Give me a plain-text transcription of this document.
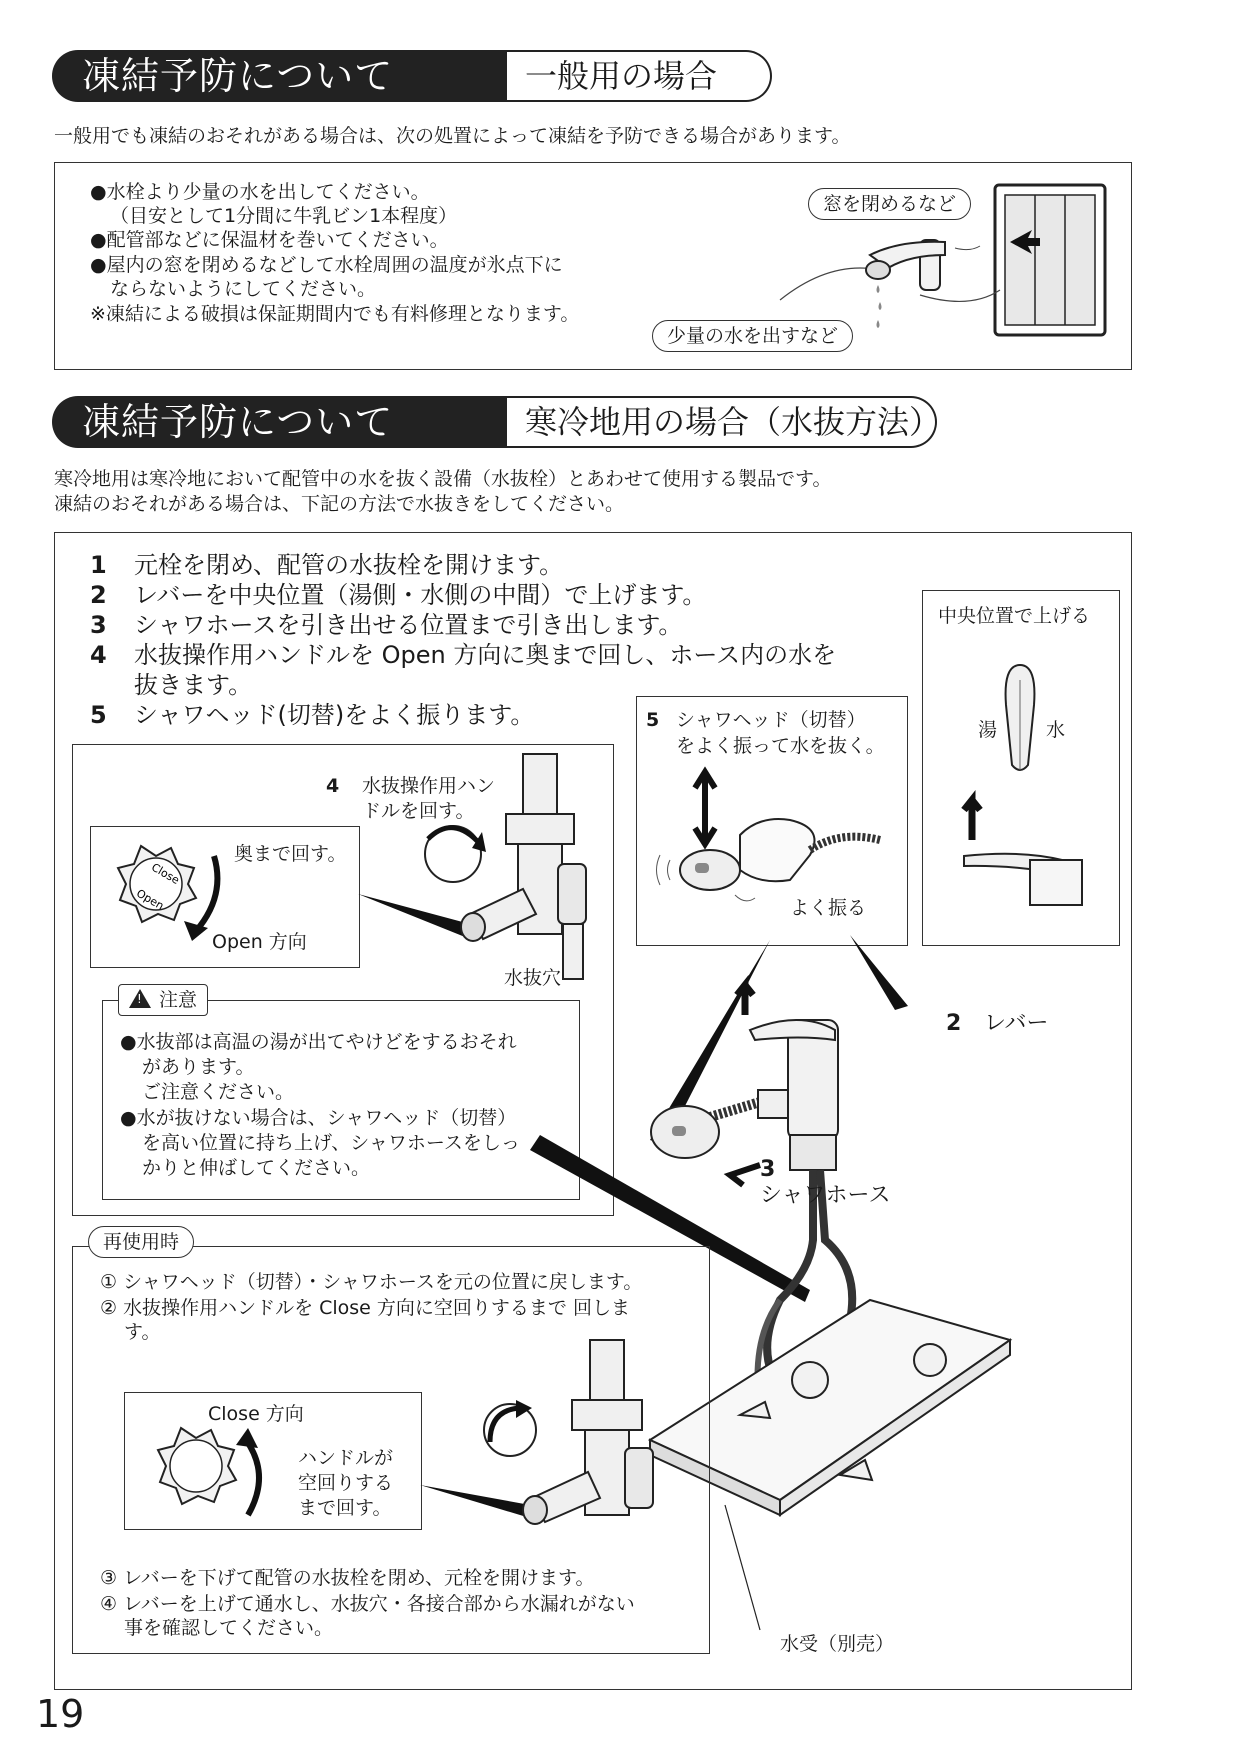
凍結予防について	一般用の場合
一般用でも凍結のおそれがある場合は、次の処置によって凍結を予防できる場合があります。
●水栓より少量の水を出してください。
（目安として1分間に牛乳ビン1本程度）
●配管部などに保温材を巻いてください。
●屋内の窓を閉めるなどして水栓周囲の温度が氷点下に
ならないようにしてください。
※凍結による破損は保証期間内でも有料修理となります。
窓を閉めるなど
少量の水を出すなど
凍結予防について	寒冷地用の場合（水抜方法）
寒冷地用は寒冷地において配管中の水を抜く設備（水抜栓）とあわせて使用する製品です。
凍結のおそれがある場合は、下記の方法で水抜きをしてください。
1 元栓を閉め、配管の水抜栓を開けます。
2 レバーを中央位置（湯側・水側の中間）で上げます。
3 シャワホースを引き出せる位置まで引き出します。
4 水抜操作用ハンドルを Open 方向に奥まで回し、ホース内の水を
抜きます。
5 シャワヘッド(切替)をよく振ります。
中央位置で上げる
湯	水
5 シャワヘッド（切替）
をよく振って水を抜く。
よく振る
4 水抜操作用ハン
ドルを回す。
奥まで回す。
Open 方向
Close
Open
水抜穴
! 注意
●水抜部は高温の湯が出てやけどをするおそれ
があります。
ご注意ください。
●水が抜けない場合は、シャワヘッド（切替）
を高い位置に持ち上げ、シャワホースをしっ
かりと伸ばしてください。
2 レバー
3
シャワホース
水受（別売）
再使用時
① シャワヘッド（切替）・シャワホースを元の位置に戻します。
② 水抜操作用ハンドルを Close 方向に空回りするまで 回しま
す。
Close 方向
ハンドルが
空回りする
まで回す。
③ レバーを下げて配管の水抜栓を閉め、元栓を開けます。
④ レバーを上げて通水し、水抜穴・各接合部から水漏れがない
事を確認してください。
19
